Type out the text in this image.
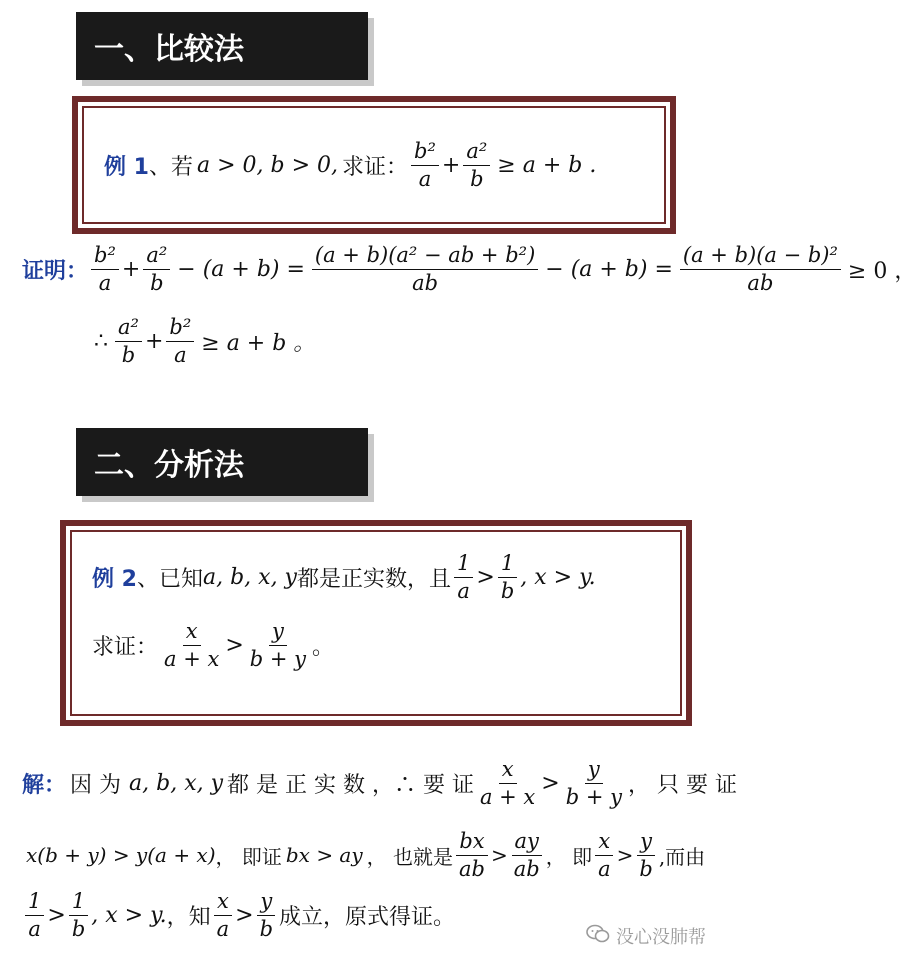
一、比较法
例 1 、若 a > 0, b > 0, 求证： $\frac{\text{b²}}{a} + \frac{\text{a²}}{b} \ge a + b$ .
证明： $\frac{\text{b²}}{a} + \frac{\text{a²}}{b} - (a + b) = \frac{\text{(a + b)(a² − ab + b²)}}{ab} - (a + b) = \frac{\text{(a + b)(a − b)²}}{ab} \ge 0$ ，
∴ $\frac{\text{a²}}{b} + \frac{\text{b²}}{a} \ge a + b$ 。
二、分析法
例 2 、已知 a, b, x, y 都是正实数，且 $\frac{1}{a} > \frac{1}{b}$ , x > y.
求证： $\frac{x}{a + x} > \frac{y}{b + y}$ 。
解： 因 为 a, b, x, y 都 是 正 实 数 ，∴ 要 证 $\frac{x}{a + x} > \frac{y}{b + y}$ ， 只 要 证
x(b + y) > y(a + x) ， 即证 bx > ay ， 也就是 $\frac{bx}{ab} > \frac{ay}{ab}$ ， 即 $\frac{x}{a} > \frac{y}{b}$ ,而由
$\frac{1}{a} > \frac{1}{b}$ , x > y. ，知 $\frac{x}{a} > \frac{y}{b}$ 成立，原式得证。
没心没肺帮
